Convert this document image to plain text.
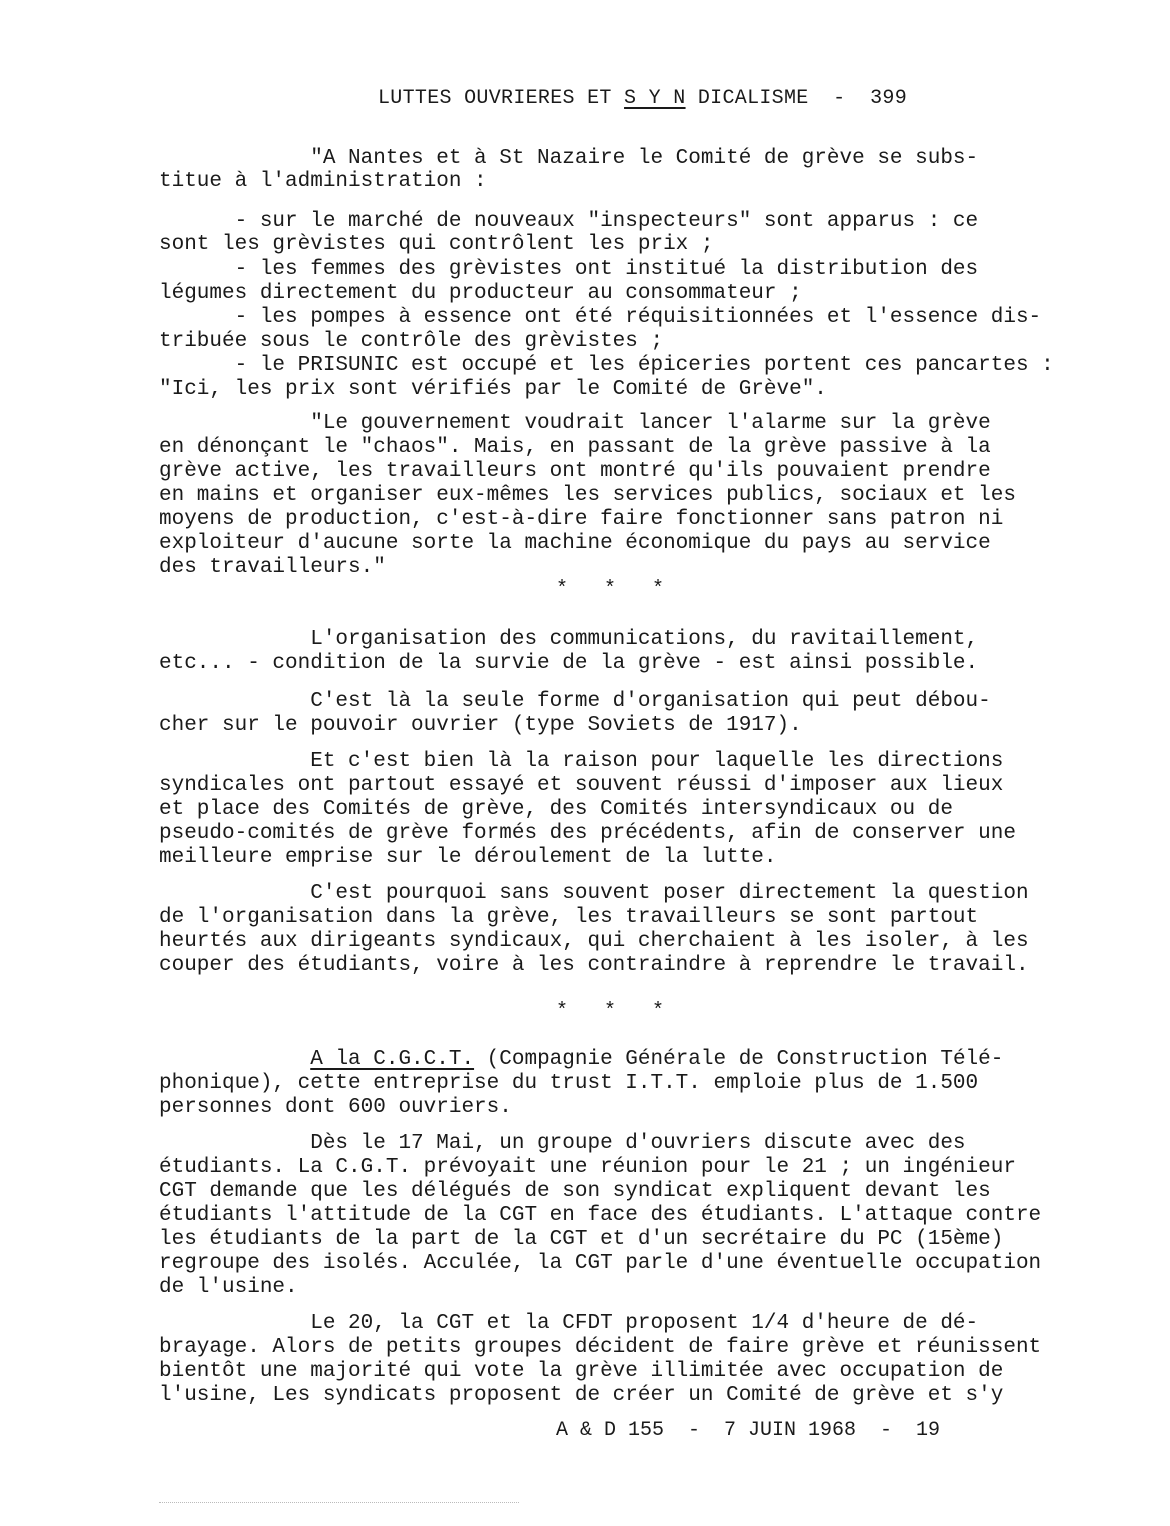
LUTTES OUVRIERES ET S Y N DICALISME  -  399
"A Nantes et à St Nazaire le Comité de grève se subs-
titue à l'administration :
- sur le marché de nouveaux "inspecteurs" sont apparus : ce
sont les grèvistes qui contrôlent les prix ;
- les femmes des grèvistes ont institué la distribution des
légumes directement du producteur au consommateur ;
- les pompes à essence ont été réquisitionnées et l'essence dis-
tribuée sous le contrôle des grèvistes ;
- le PRISUNIC est occupé et les épiceries portent ces pancartes :
"Ici, les prix sont vérifiés par le Comité de Grève".
"Le gouvernement voudrait lancer l'alarme sur la grève
en dénonçant le "chaos". Mais, en passant de la grève passive à la
grève active, les travailleurs ont montré qu'ils pouvaient prendre
en mains et organiser eux-mêmes les services publics, sociaux et les
moyens de production, c'est-à-dire faire fonctionner sans patron ni
exploiteur d'aucune sorte la machine économique du pays au service
des travailleurs."
*   *   *
L'organisation des communications, du ravitaillement,
etc... - condition de la survie de la grève - est ainsi possible.
C'est là la seule forme d'organisation qui peut débou-
cher sur le pouvoir ouvrier (type Soviets de 1917).
Et c'est bien là la raison pour laquelle les directions
syndicales ont partout essayé et souvent réussi d'imposer aux lieux
et place des Comités de grève, des Comités intersyndicaux ou de
pseudo-comités de grève formés des précédents, afin de conserver une
meilleure emprise sur le déroulement de la lutte.
C'est pourquoi sans souvent poser directement la question
de l'organisation dans la grève, les travailleurs se sont partout
heurtés aux dirigeants syndicaux, qui cherchaient à les isoler, à les
couper des étudiants, voire à les contraindre à reprendre le travail.
*   *   *
A la C.G.C.T. (Compagnie Générale de Construction Télé-
phonique), cette entreprise du trust I.T.T. emploie plus de 1.500
personnes dont 600 ouvriers.
Dès le 17 Mai, un groupe d'ouvriers discute avec des
étudiants. La C.G.T. prévoyait une réunion pour le 21 ; un ingénieur
CGT demande que les délégués de son syndicat expliquent devant les
étudiants l'attitude de la CGT en face des étudiants. L'attaque contre
les étudiants de la part de la CGT et d'un secrétaire du PC (15ème)
regroupe des isolés. Acculée, la CGT parle d'une éventuelle occupation
de l'usine.
Le 20, la CGT et la CFDT proposent 1/4 d'heure de dé-
brayage. Alors de petits groupes décident de faire grève et réunissent
bientôt une majorité qui vote la grève illimitée avec occupation de
l'usine, Les syndicats proposent de créer un Comité de grève et s'y
A & D 155  -  7 JUIN 1968  -  19
